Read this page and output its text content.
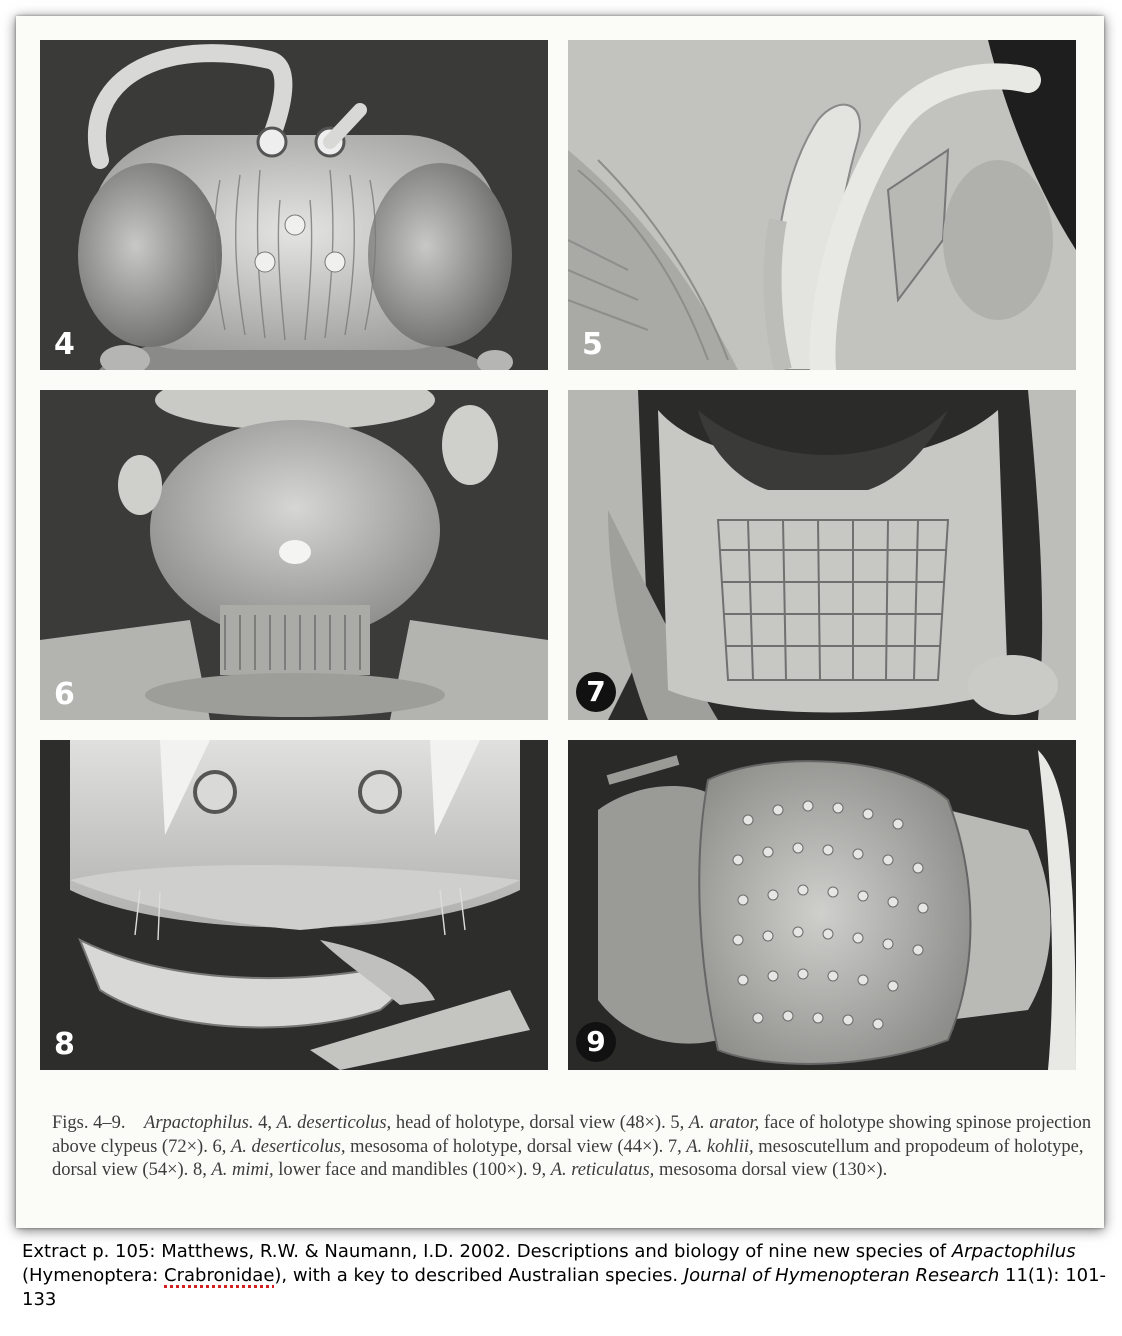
4	5
6	7
8	9
Figs. 4–9. Arpactophilus. 4, A. deserticolus, head of holotype, dorsal view (48×). 5, A. arator, face of holotype showing spinose projection above clypeus (72×). 6, A. deserticolus, mesosoma of holotype, dorsal view (44×). 7, A. kohlii, mesoscutellum and propodeum of holotype, dorsal view (54×). 8, A. mimi, lower face and mandibles (100×). 9, A. reticulatus, mesosoma dorsal view (130×).
Extract p. 105: Matthews, R.W. & Naumann, I.D. 2002. Descriptions and biology of nine new species of Arpactophilus (Hymenoptera: Crabronidae), with a key to described Australian species. Journal of Hymenopteran Research 11(1): 101-133
